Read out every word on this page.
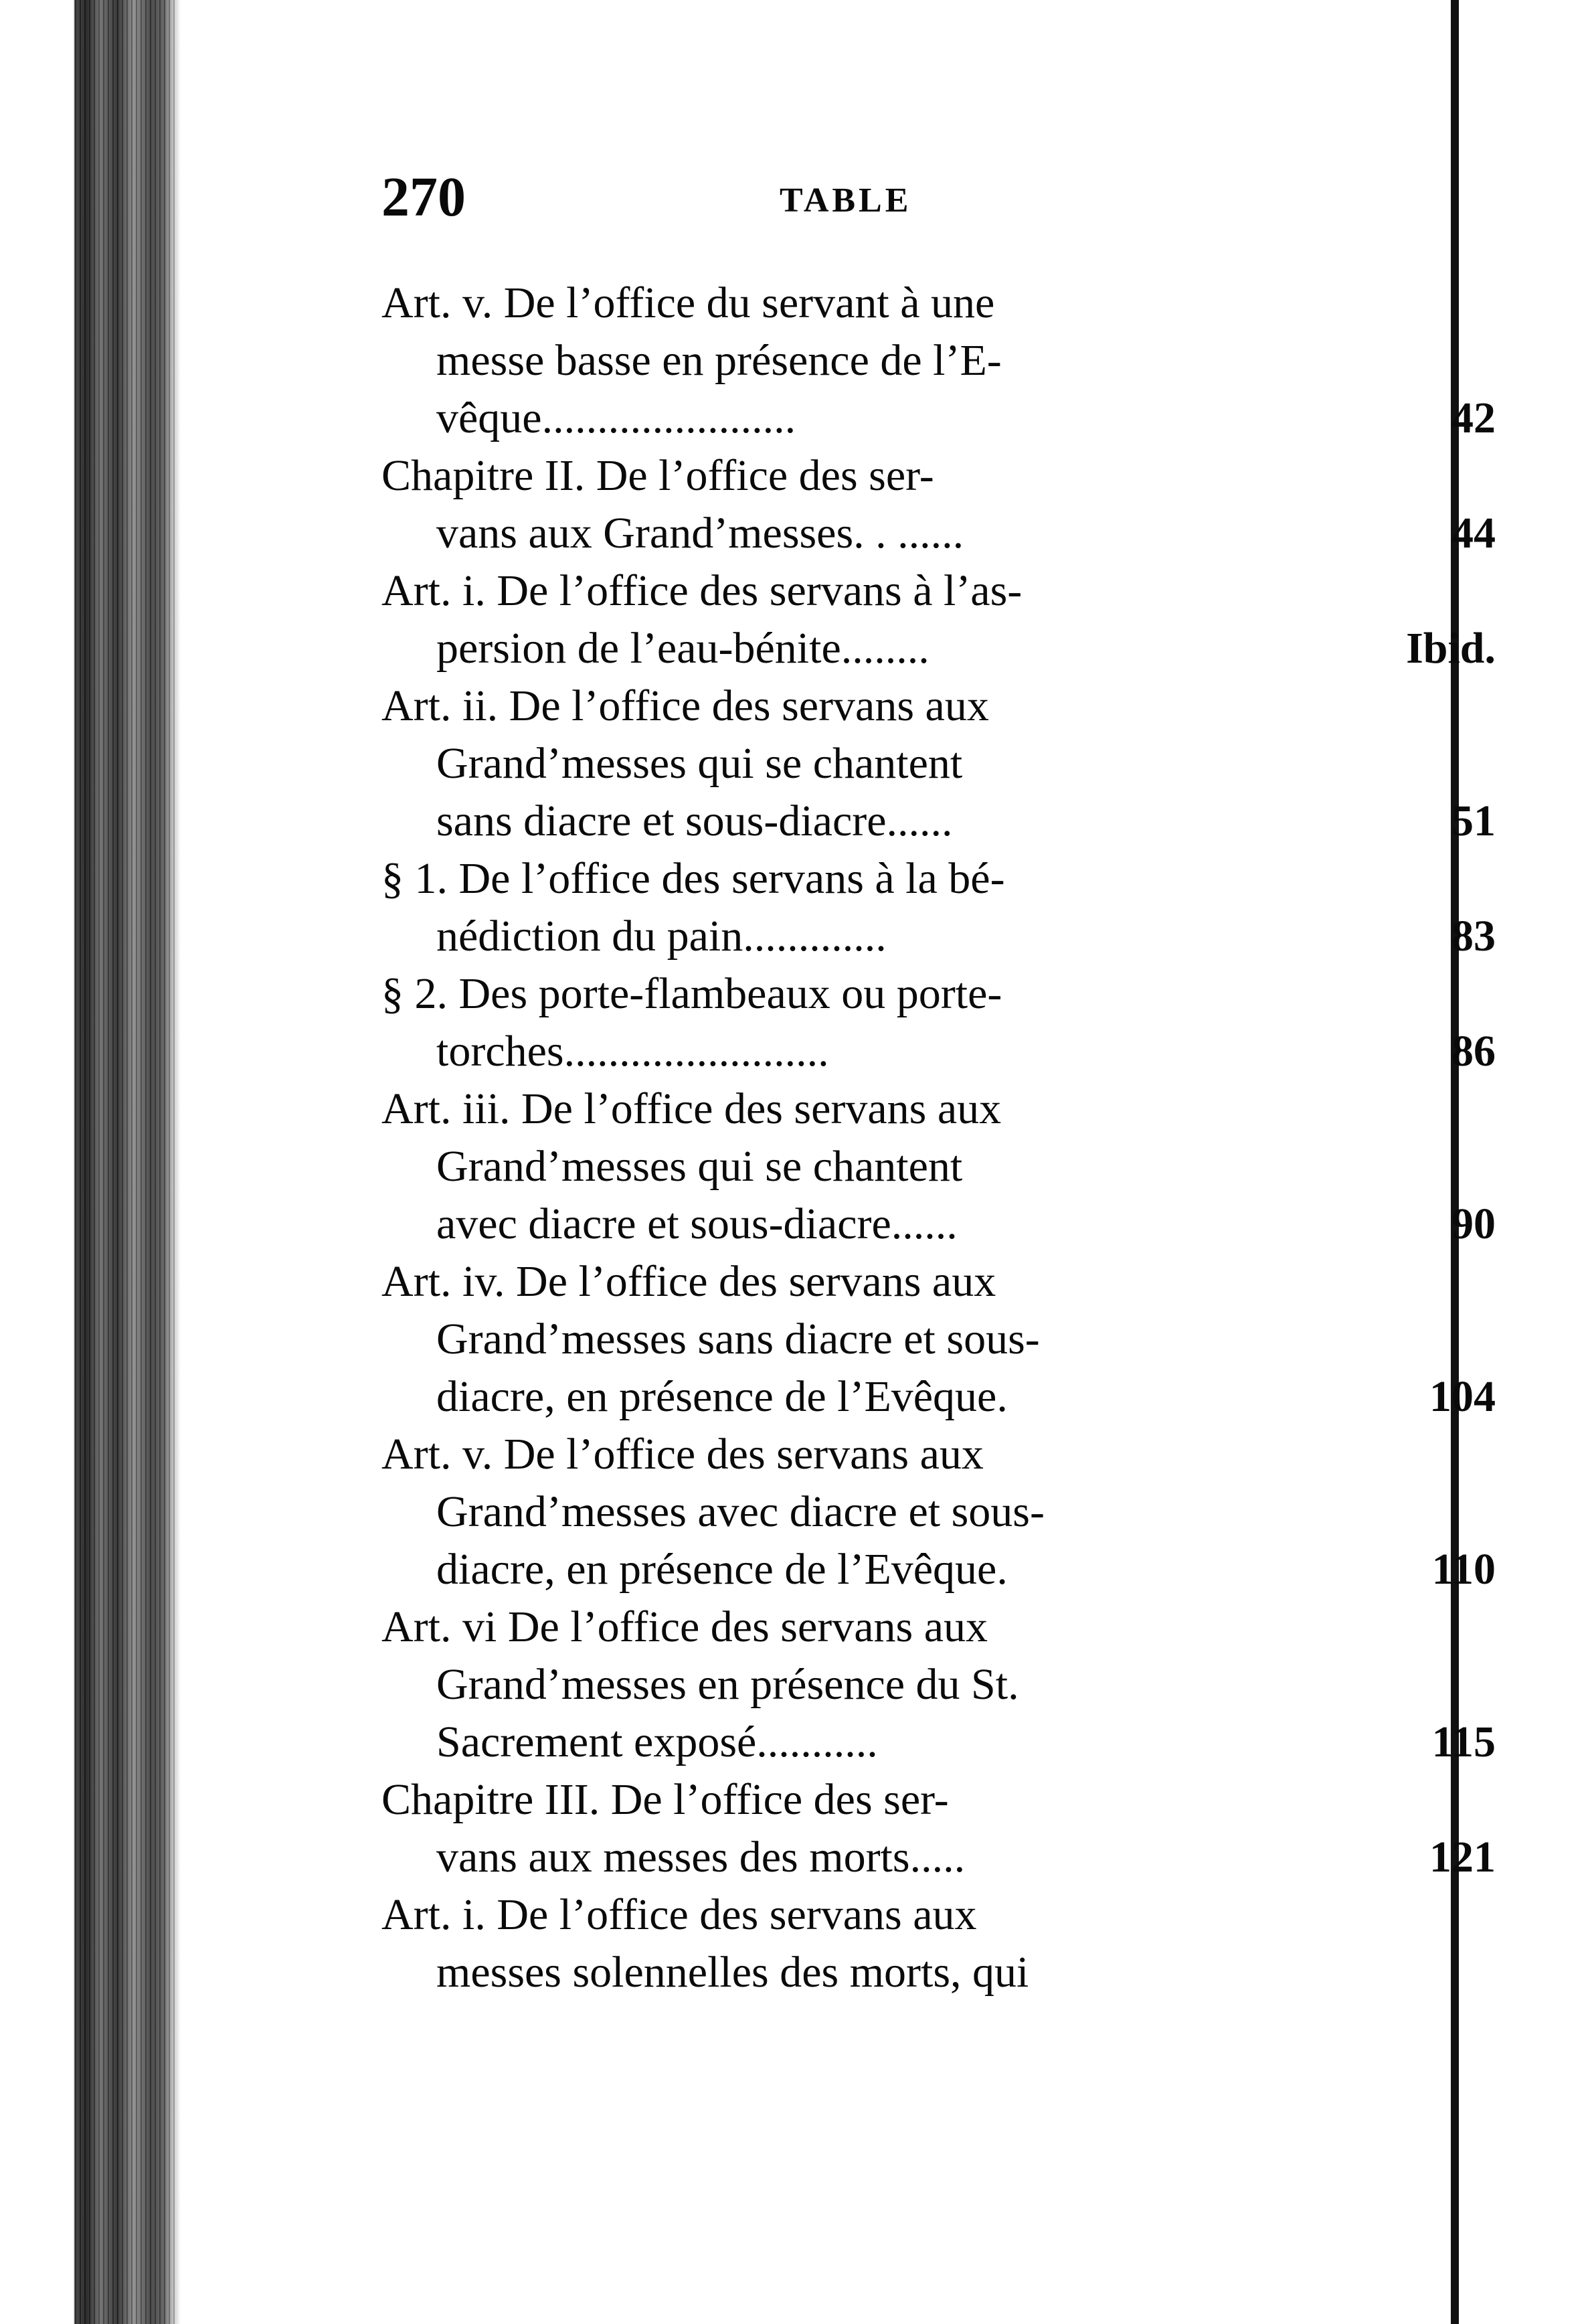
270	TABLE
Art. v. De l’office du servant à une
messe basse en présence de l’E-
vêque.......................	42
Chapitre II. De l’office des ser-
vans aux Grand’messes. . ......	44
Art. i. De l’office des servans à l’as-
persion de l’eau-bénite........	Ibid.
Art. ii. De l’office des servans aux
Grand’messes qui se chantent
sans diacre et sous-diacre......	51
§ 1. De l’office des servans à la bé-
nédiction du pain.............	83
§ 2. Des porte-flambeaux ou porte-
torches........................	86
Art. iii. De l’office des servans aux
Grand’messes qui se chantent
avec diacre et sous-diacre......	90
Art. iv. De l’office des servans aux
Grand’messes sans diacre et sous-
diacre, en présence de l’Evêque.	104
Art. v. De l’office des servans aux
Grand’messes avec diacre et sous-
diacre, en présence de l’Evêque.	110
Art. vi De l’office des servans aux
Grand’messes en présence du St.
Sacrement exposé...........	115
Chapitre III. De l’office des ser-
vans aux messes des morts.....	121
Art. i. De l’office des servans aux
messes solennelles des morts, qui
